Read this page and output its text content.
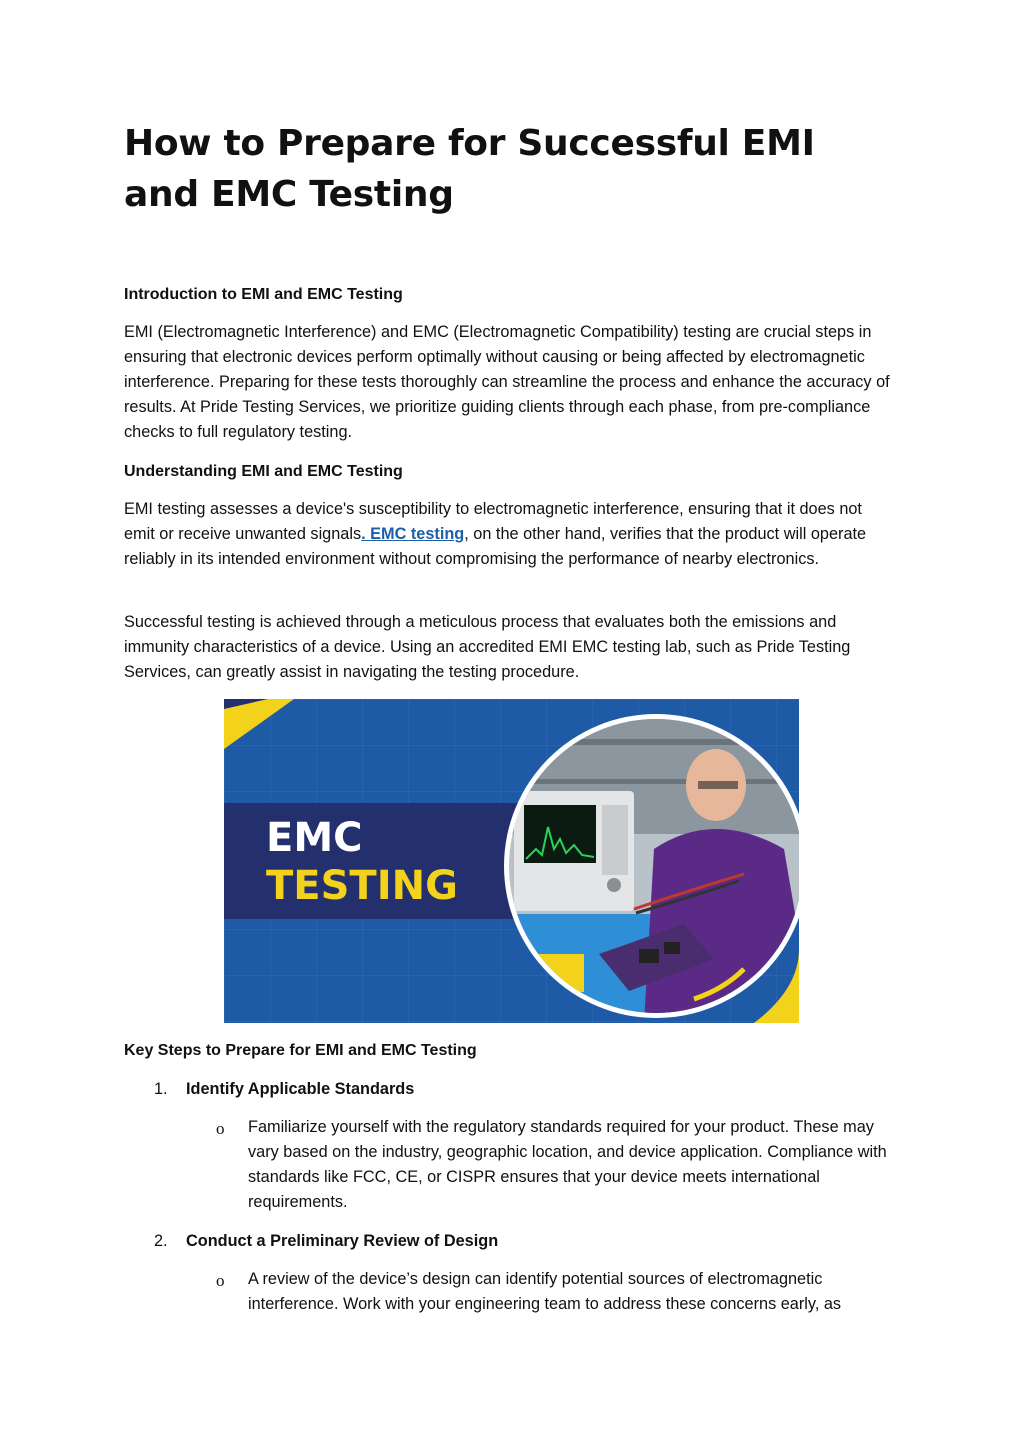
How to Prepare for Successful EMI and EMC Testing
Introduction to EMI and EMC Testing

EMI (Electromagnetic Interference) and EMC (Electromagnetic Compatibility) testing are crucial steps in ensuring that electronic devices perform optimally without causing or being affected by electromagnetic interference. Preparing for these tests thoroughly can streamline the process and enhance the accuracy of results. At Pride Testing Services, we prioritize guiding clients through each phase, from pre-compliance checks to full regulatory testing.

Understanding EMI and EMC Testing

EMI testing assesses a device's susceptibility to electromagnetic interference, ensuring that it does not emit or receive unwanted signals. EMC testing, on the other hand, verifies that the product will operate reliably in its intended environment without compromising the performance of nearby electronics.

Successful testing is achieved through a meticulous process that evaluates both the emissions and immunity characteristics of a device. Using an accredited EMI EMC testing lab, such as Pride Testing Services, can greatly assist in navigating the testing procedure.

EMC
TESTING
Key Steps to Prepare for EMI and EMC Testing
1. Identify Applicable Standards
o Familiarize yourself with the regulatory standards required for your product. These may vary based on the industry, geographic location, and device application. Compliance with standards like FCC, CE, or CISPR ensures that your device meets international requirements.

2. Conduct a Preliminary Review of Design
o A review of the device’s design can identify potential sources of electromagnetic interference. Work with your engineering team to address these concerns early, as
